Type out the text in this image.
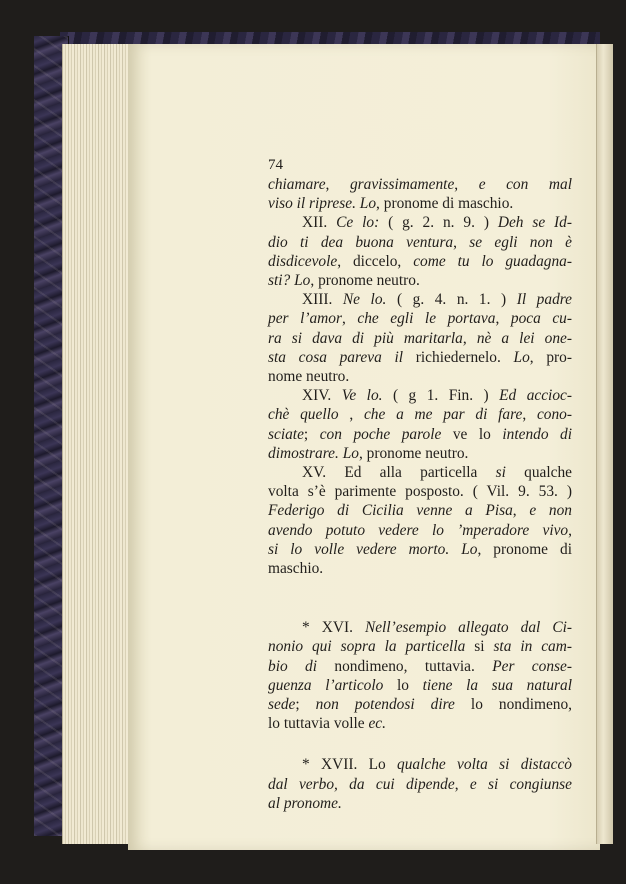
74
chiamare, gravissimamente, e con mal
viso il riprese. Lo, pronome di maschio.
XII. Ce lo: ( g. 2. n. 9. ) Deh se Id-
dio ti dea buona ventura, se egli non è
disdicevole, diccelo, come tu lo guadagna-
sti? Lo, pronome neutro.
XIII. Ne lo. ( g. 4. n. 1. ) Il padre
per l’amor, che egli le portava, poca cu-
ra si dava di più maritarla, nè a lei one-
sta cosa pareva il richiedernelo. Lo, pro-
nome neutro.
XIV. Ve lo. ( g 1. Fin. ) Ed accioc-
chè quello , che a me par di fare, cono-
sciate; con poche parole ve lo intendo di
dimostrare. Lo, pronome neutro.
XV. Ed alla particella si qualche
volta s’è parimente posposto. ( Vil. 9. 53. )
Federigo di Cicilia venne a Pisa, e non
avendo potuto vedere lo ’mperadore vivo,
si lo volle vedere morto. Lo, pronome di
maschio.
* XVI. Nell’esempio allegato dal Ci-
nonio qui sopra la particella si sta in cam-
bio di nondimeno, tuttavia. Per conse-
guenza l’articolo lo tiene la sua natural
sede; non potendosi dire lo nondimeno,
lo tuttavia volle ec.
* XVII. Lo qualche volta si distaccò
dal verbo, da cui dipende, e si congiunse
al pronome.
